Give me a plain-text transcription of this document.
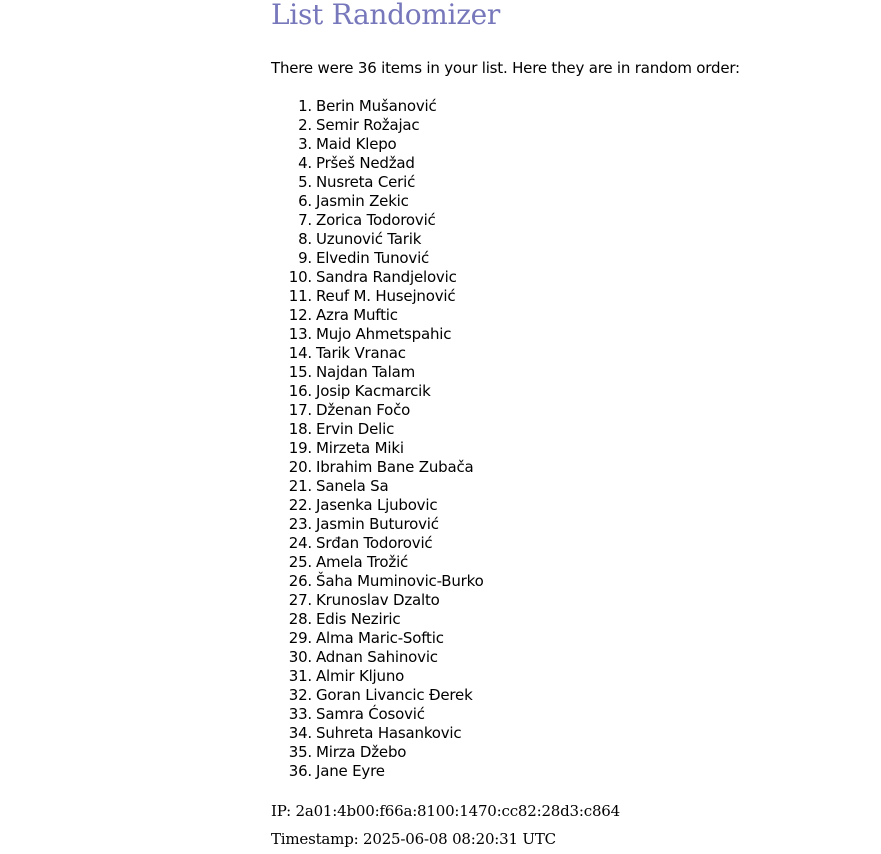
List Randomizer

There were 36 items in your list. Here they are in random order:

1. Berin Mušanović
2. Semir Rožajac
3. Maid Klepo
4. Pršeš Nedžad
5. Nusreta Cerić
6. Jasmin Zekic
7. Zorica Todorović
8. Uzunović Tarik
9. Elvedin Tunović
10. Sandra Randjelovic
11. Reuf M. Husejnović
12. Azra Muftic
13. Mujo Ahmetspahic
14. Tarik Vranac
15. Najdan Talam
16. Josip Kacmarcik
17. Dženan Fočo
18. Ervin Delic
19. Mirzeta Miki
20. Ibrahim Bane Zubača
21. Sanela Sa
22. Jasenka Ljubovic
23. Jasmin Buturović
24. Srđan Todorović
25. Amela Trožić
26. Šaha Muminovic-Burko
27. Krunoslav Dzalto
28. Edis Neziric
29. Alma Maric-Softic
30. Adnan Sahinovic
31. Almir Kljuno
32. Goran Livancic Đerek
33. Samra Ćosović
34. Suhreta Hasankovic
35. Mirza Džebo
36. Jane Eyre

IP: 2a01:4b00:f66a:8100:1470:cc82:28d3:c864

Timestamp: 2025-06-08 08:20:31 UTC
